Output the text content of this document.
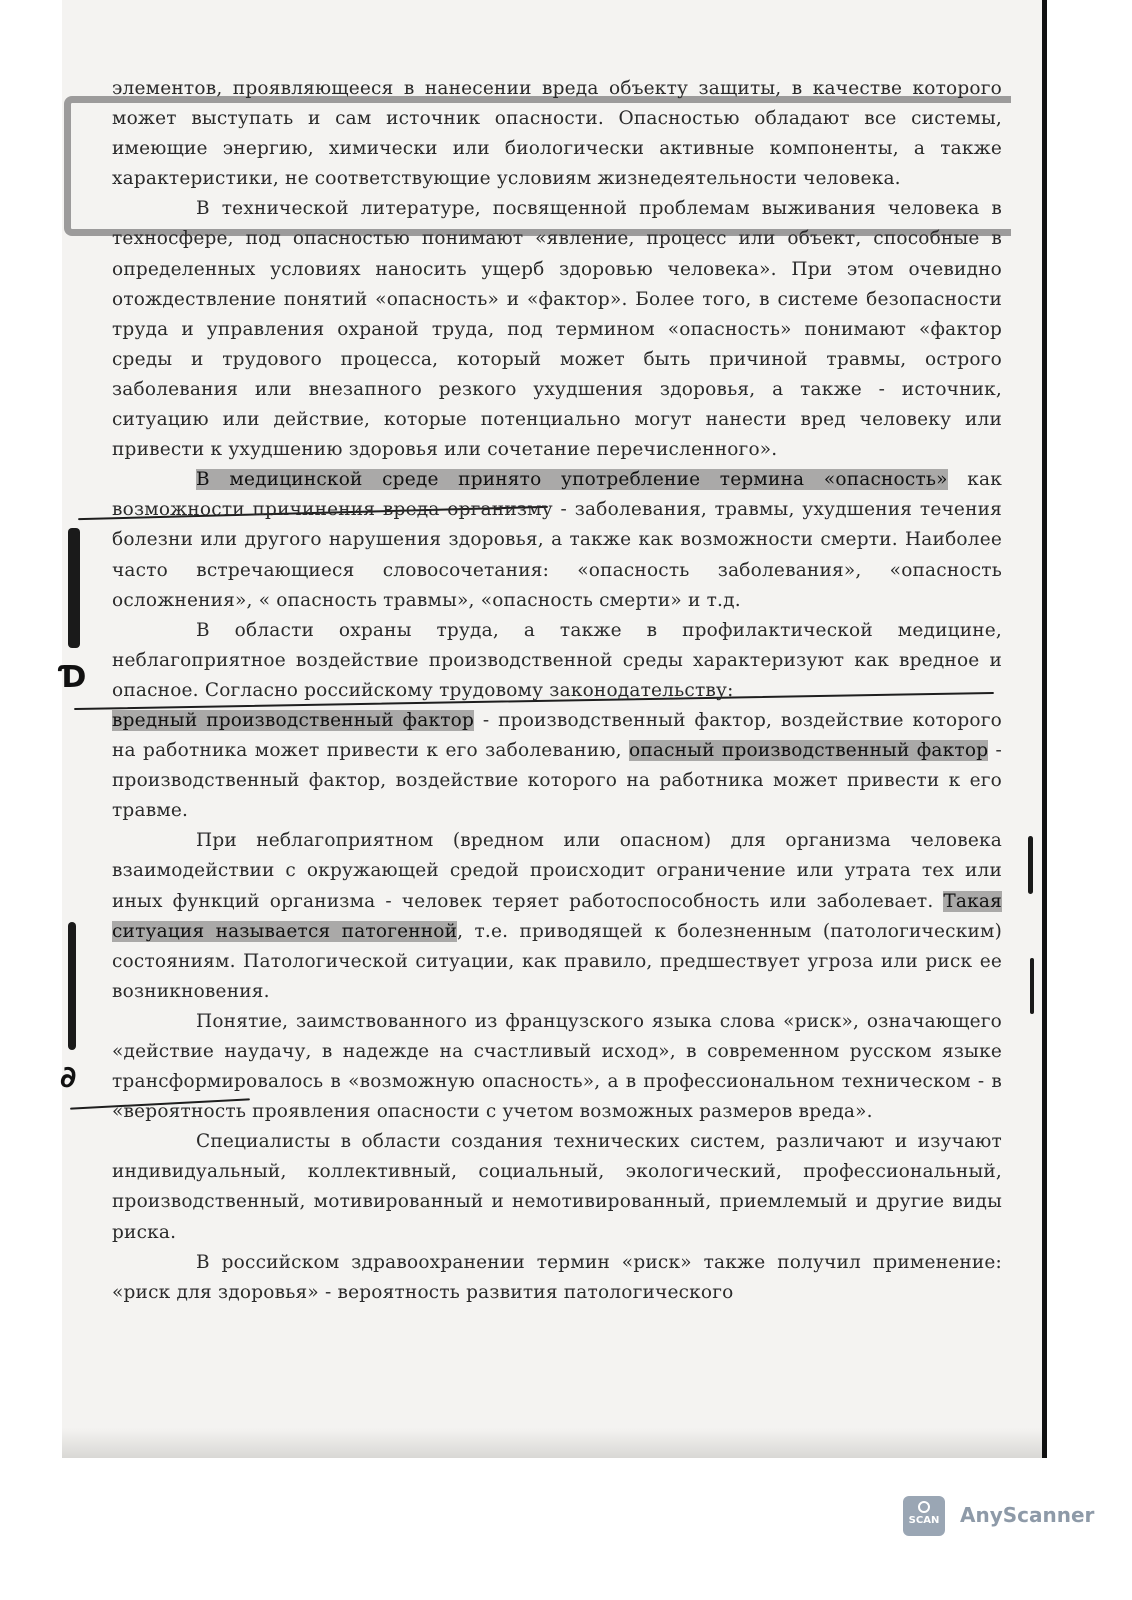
Ɗ
∂

элементов, проявляющееся в нанесении вреда объекту защиты, в качестве которого может выступать и сам источник опасности. Опасностью обладают все системы, имеющие энергию, химически или биологически активные компоненты, а также характеристики, не соответствующие условиям жизнедеятельности человека.

В технической литературе, посвященной проблемам выживания человека в техносфере, под опасностью понимают «явление, процесс или объект, способные в определенных условиях наносить ущерб здоровью человека». При этом очевидно отождествление понятий «опасность» и «фактор». Более того, в системе безопасности труда и управления охраной труда, под термином «опасность» понимают «фактор среды и трудового процесса, который может быть причиной травмы, острого заболевания или внезапного резкого ухудшения здоровья, а также - источник, ситуацию или действие, которые потенциально могут нанести вред человеку или привести к ухудшению здоровья или сочетание перечисленного».

В медицинской среде принято употребление термина «опасность» как возможности причинения вреда организму - заболевания, травмы, ухудшения течения болезни или другого нарушения здоровья, а также как возможности смерти. Наиболее часто встречающиеся словосочетания: «опасность заболевания», «опасность осложнения», « опасность травмы», «опасность смерти» и т.д.

В области охраны труда, а также в профилактической медицине, неблагоприятное воздействие производственной среды характеризуют как вредное и опасное. Согласно российскому трудовому законодательству:

вредный производственный фактор - производственный фактор, воздействие которого на работника может привести к его заболеванию, опасный производственный фактор - производственный фактор, воздействие которого на работника может привести к его травме.

При неблагоприятном (вредном или опасном) для организма человека взаимодействии с окружающей средой происходит ограничение или утрата тех или иных функций организма - человек теряет работоспособность или заболевает. Такая ситуация называется патогенной, т.е. приводящей к болезненным (патологическим) состояниям. Патологической ситуации, как правило, предшествует угроза или риск ее возникновения.

Понятие, заимствованного из французского языка слова «риск», означающего «действие наудачу, в надежде на счастливый исход», в современном русском языке трансформировалось в «возможную опасность», а в профессиональном техническом - в «вероятность проявления опасности с учетом возможных размеров вреда».

Специалисты в области создания технических систем, различают и изучают индивидуальный, коллективный, социальный, экологический, профессиональный, производственный, мотивированный и немотивированный, приемлемый и другие виды риска.

В российском здравоохранении термин «риск» также получил применение: «риск для здоровья» - вероятность развития патологического

SCAN AnyScanner
